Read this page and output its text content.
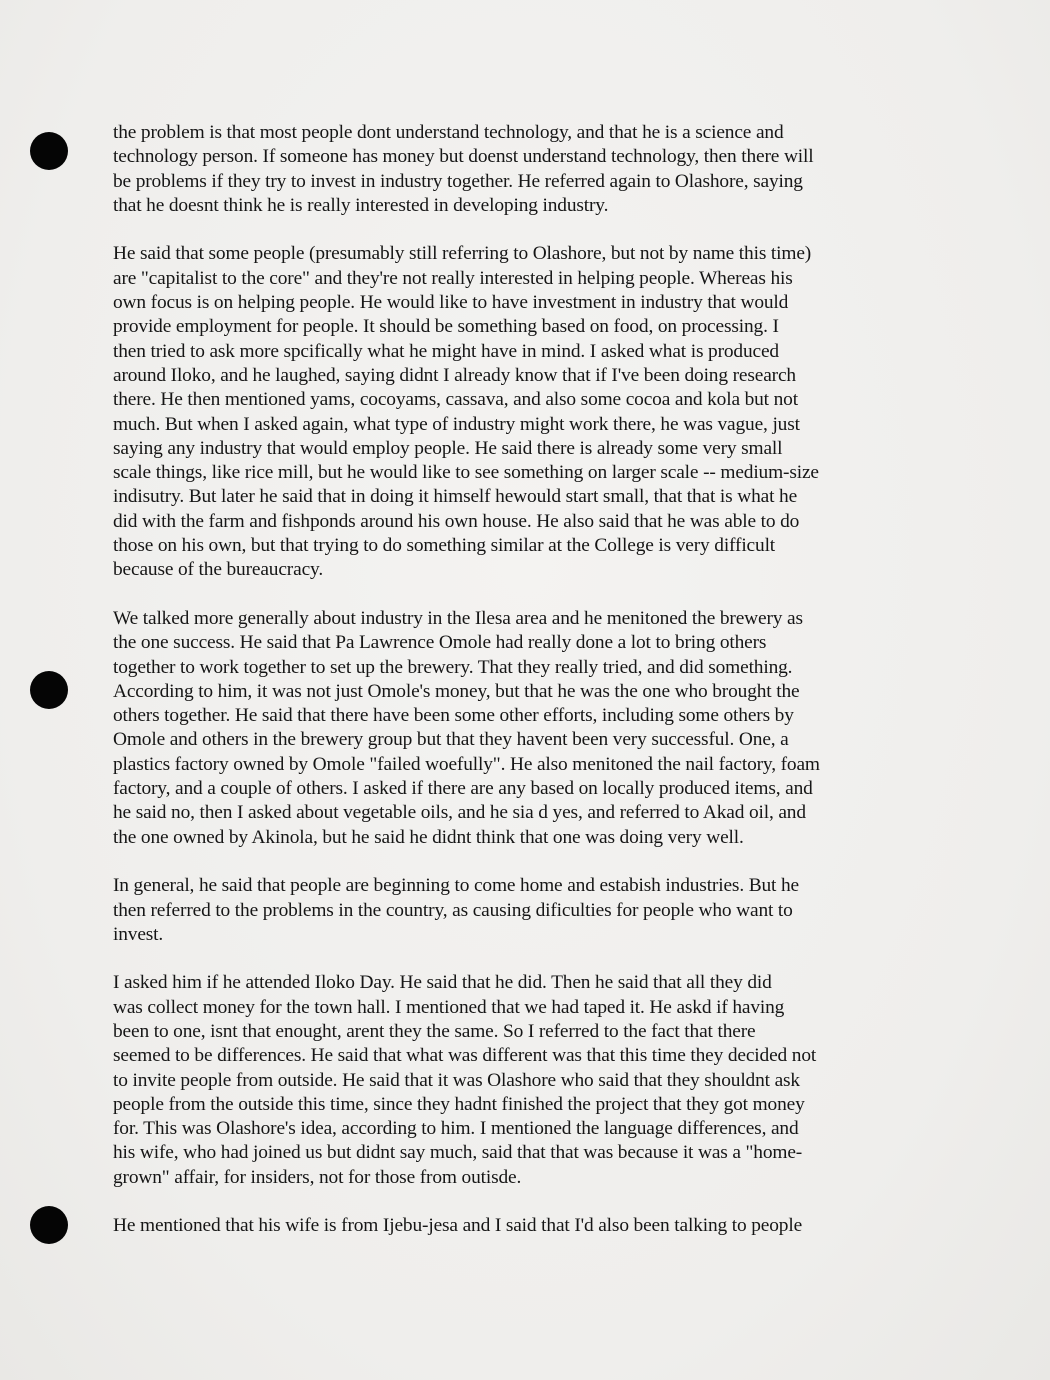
the problem is that most people dont understand technology, and that he is a science and
technology person. If someone has money but doenst understand technology, then there will
be problems if they try to invest in industry together. He referred again to Olashore, saying
that he doesnt think he is really interested in developing industry.

He said that some people (presumably still referring to Olashore, but not by name this time)
are "capitalist to the core" and they're not really interested in helping people. Whereas his
own focus is on helping people. He would like to have investment in industry that would
provide employment for people. It should be something based on food, on processing. I
then tried to ask more spcifically what he might have in mind. I asked what is produced
around Iloko, and he laughed, saying didnt I already know that if I've been doing research
there. He then mentioned yams, cocoyams, cassava, and also some cocoa and kola but not
much. But when I asked again, what type of industry might work there, he was vague, just
saying any industry that would employ people. He said there is already some very small
scale things, like rice mill, but he would like to see something on larger scale -- medium-size
indisutry. But later he said that in doing it himself hewould start small, that that is what he
did with the farm and fishponds around his own house. He also said that he was able to do
those on his own, but that trying to do something similar at the College is very difficult
because of the bureaucracy.

We talked more generally about industry in the Ilesa area and he menitoned the brewery as
the one success. He said that Pa Lawrence Omole had really done a lot to bring others
together to work together to set up the brewery. That they really tried, and did something.
According to him, it was not just Omole's money, but that he was the one who brought the
others together. He said that there have been some other efforts, including some others by
Omole and others in the brewery group but that they havent been very successful. One, a
plastics factory owned by Omole "failed woefully". He also menitoned the nail factory, foam
factory, and a couple of others. I asked if there are any based on locally produced items, and
he said no, then I asked about vegetable oils, and he sia d yes, and referred to Akad oil, and
the one owned by Akinola, but he said he didnt think that one was doing very well.

In general, he said that people are beginning to come home and estabish industries. But he
then referred to the problems in the country, as causing dificulties for people who want to
invest.

I asked him if he attended Iloko Day. He said that he did. Then he said that all they did
was collect money for the town hall. I mentioned that we had taped it. He askd if having
been to one, isnt that enought, arent they the same. So I referred to the fact that there
seemed to be differences. He said that what was different was that this time they decided not
to invite people from outside. He said that it was Olashore who said that they shouldnt ask
people from the outside this time, since they hadnt finished the project that they got money
for. This was Olashore's idea, according to him. I mentioned the language differences, and
his wife, who had joined us but didnt say much, said that that was because it was a "home-
grown" affair, for insiders, not for those from outisde.

He mentioned that his wife is from Ijebu-jesa and I said that I'd also been talking to people
